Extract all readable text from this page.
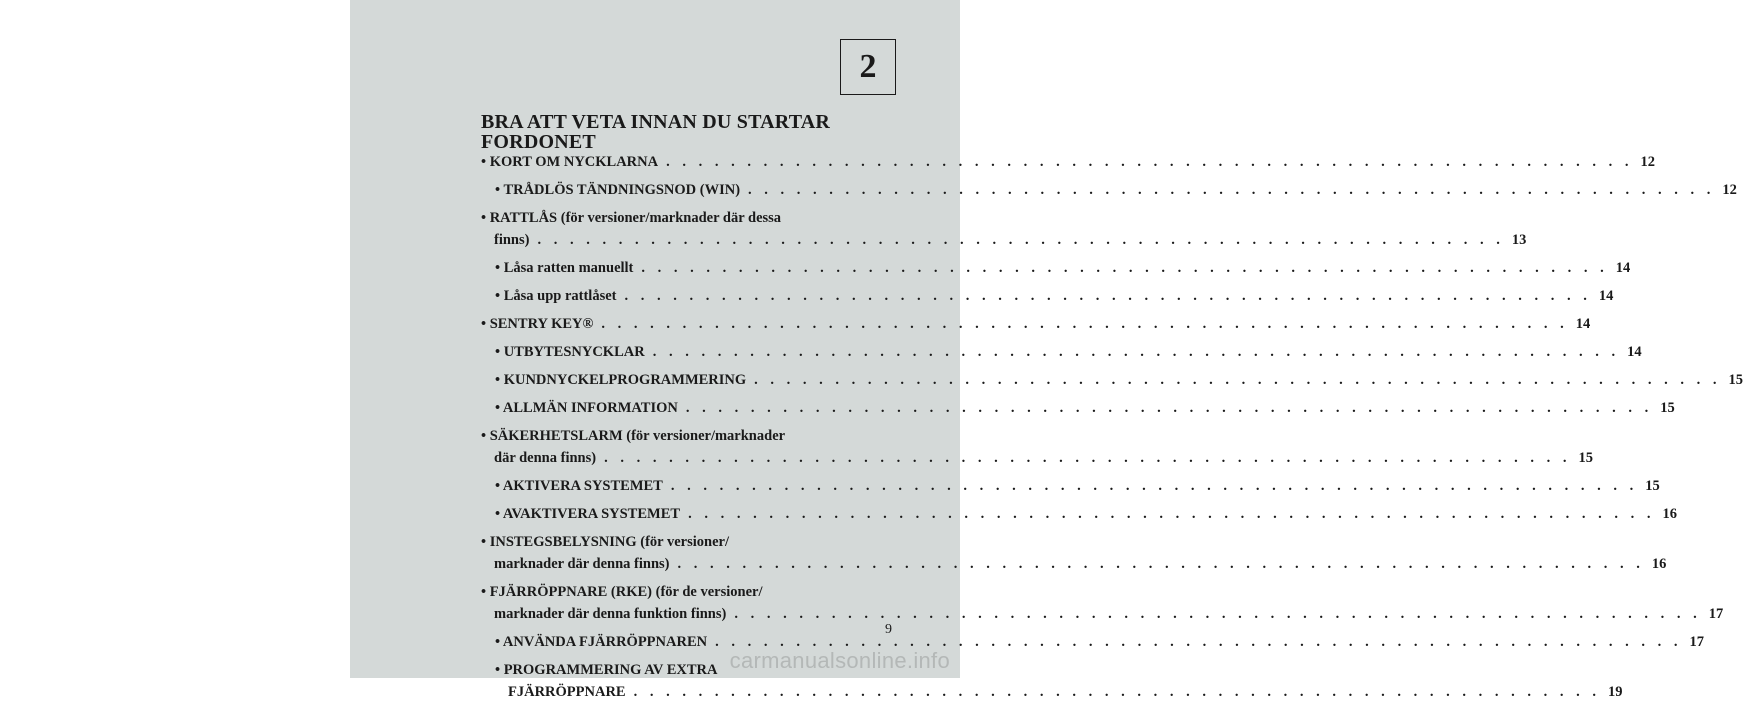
2
BRA ATT VETA INNAN DU STARTAR FORDONET
• KORT OM NYCKLARNA . . . . . . . . . . . . . . . . . . . . . . . . . . . . . . . . . . . . . . . . . . . . . . . . . . . . . . . . . . . . 12
• TRÅDLÖS TÄNDNINGSNOD (WIN) . . . . . . . . . . . . . . . . . . . . . . . . . . . . . . . . . . . . . . . . . . . . . . . . . . . . . . . . . . . . 12
• RATTLÅS (för versioner/marknader där dessa
finns) . . . . . . . . . . . . . . . . . . . . . . . . . . . . . . . . . . . . . . . . . . . . . . . . . . . . . . . . . . . . 13
• Låsa ratten manuellt . . . . . . . . . . . . . . . . . . . . . . . . . . . . . . . . . . . . . . . . . . . . . . . . . . . . . . . . . . . . 14
• Låsa upp rattlåset . . . . . . . . . . . . . . . . . . . . . . . . . . . . . . . . . . . . . . . . . . . . . . . . . . . . . . . . . . . . 14
• SENTRY KEY® . . . . . . . . . . . . . . . . . . . . . . . . . . . . . . . . . . . . . . . . . . . . . . . . . . . . . . . . . . . . 14
• UTBYTESNYCKLAR . . . . . . . . . . . . . . . . . . . . . . . . . . . . . . . . . . . . . . . . . . . . . . . . . . . . . . . . . . . . 14
• KUNDNYCKELPROGRAMMERING . . . . . . . . . . . . . . . . . . . . . . . . . . . . . . . . . . . . . . . . . . . . . . . . . . . . . . . . . . . . 15
• ALLMÄN INFORMATION . . . . . . . . . . . . . . . . . . . . . . . . . . . . . . . . . . . . . . . . . . . . . . . . . . . . . . . . . . . . 15
• SÄKERHETSLARM (för versioner/marknader
där denna finns) . . . . . . . . . . . . . . . . . . . . . . . . . . . . . . . . . . . . . . . . . . . . . . . . . . . . . . . . . . . . 15
• AKTIVERA SYSTEMET . . . . . . . . . . . . . . . . . . . . . . . . . . . . . . . . . . . . . . . . . . . . . . . . . . . . . . . . . . . . 15
• AVAKTIVERA SYSTEMET . . . . . . . . . . . . . . . . . . . . . . . . . . . . . . . . . . . . . . . . . . . . . . . . . . . . . . . . . . . . 16
• INSTEGSBELYSNING (för versioner/
marknader där denna finns) . . . . . . . . . . . . . . . . . . . . . . . . . . . . . . . . . . . . . . . . . . . . . . . . . . . . . . . . . . . . 16
• FJÄRRÖPPNARE (RKE) (för de versioner/
marknader där denna funktion finns) . . . . . . . . . . . . . . . . . . . . . . . . . . . . . . . . . . . . . . . . . . . . . . . . . . . . . . . . . . . . 17
• ANVÄNDA FJÄRRÖPPNAREN . . . . . . . . . . . . . . . . . . . . . . . . . . . . . . . . . . . . . . . . . . . . . . . . . . . . . . . . . . . . 17
• PROGRAMMERING AV EXTRA
FJÄRRÖPPNARE . . . . . . . . . . . . . . . . . . . . . . . . . . . . . . . . . . . . . . . . . . . . . . . . . . . . . . . . . . . . 19
9
carmanualsonline.info
